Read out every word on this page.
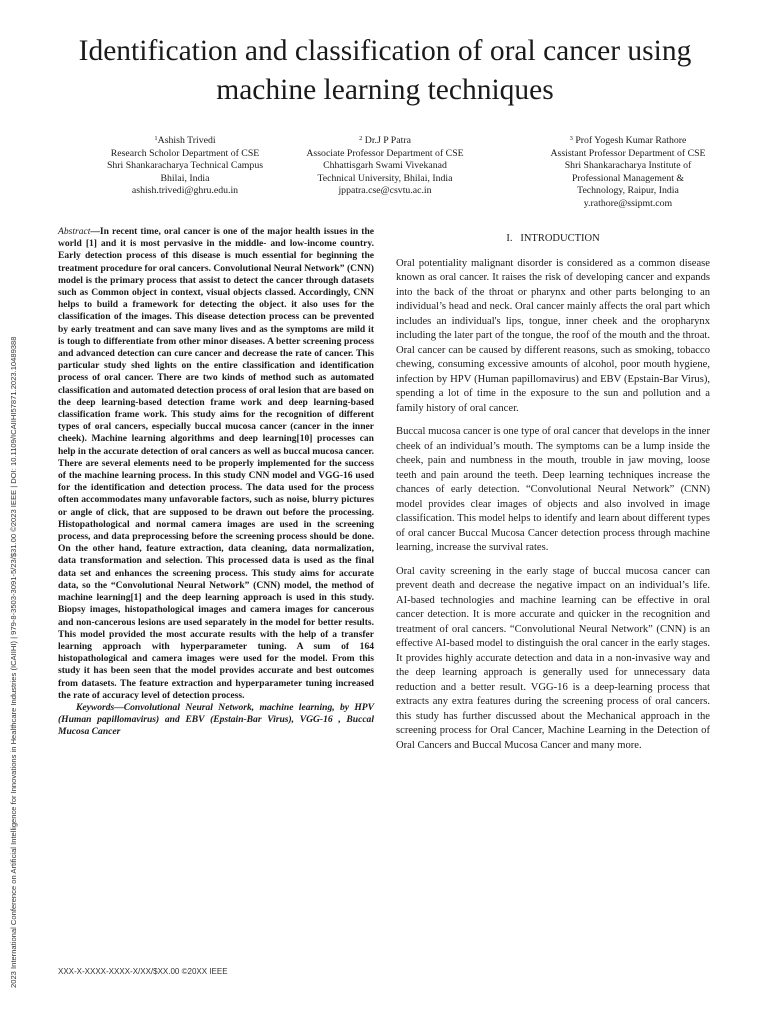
2023 International Conference on Artificial Intelligence for Innovations in Healthcare Industries (ICAIIHI) | 979-8-3503-3091-5/23/$31.00 ©2023 IEEE | DOI: 10.1109/ICAIIHI57871.2023.10489388
Identification and classification of oral cancer using machine learning techniques
$^1$Ashish Trivedi
Research Scholor Department of CSE
Shri Shankaracharya Technical Campus
Bhilai, India
ashish.trivedi@ghru.edu.in
$^2$ Dr.J P Patra
Associate Professor Department of CSE
Chhattisgarh Swami Vivekanad
Technical University, Bhilai, India
jppatra.cse@csvtu.ac.in
$^3$ Prof Yogesh Kumar Rathore
Assistant Professor Department of CSE
Shri Shankaracharya Institute of
Professional Management &
Technology, Raipur, India
y.rathore@ssipmt.com

Abstract—In recent time, oral cancer is one of the major health issues in the world [1] and it is most pervasive in the middle- and low-income country. Early detection process of this disease is much essential for beginning the treatment procedure for oral cancers. Convolutional Neural Network” (CNN) model is the primary process that assist to detect the cancer through datasets such as Common object in context, visual objects classed. Accordingly, CNN helps to build a framework for detecting the object. it also uses for the classification of the images. This disease detection process can be prevented by early treatment and can save many lives and as the symptoms are mild it is tough to differentiate from other minor diseases. A better screening process and advanced detection can cure cancer and decrease the rate of cancer. This particular study shed lights on the entire classification and identification process of oral cancer. There are two kinds of method such as automated classification and automated detection process of oral lesion that are based on the deep learning-based detection frame work and deep learning-based classification frame work. This study aims for the recognition of different types of oral cancers, especially buccal mucosa cancer (cancer in the inner cheek). Machine learning algorithms and deep learning[10] processes can help in the accurate detection of oral cancers as well as buccal mucosa cancer. There are several elements need to be properly implemented for the success of the machine learning process. In this study CNN model and VGG-16 used for the identification and detection process. The data used for the process often accommodates many unfavorable factors, such as noise, blurry pictures or angle of click, that are supposed to be drawn out before the processing. Histopathological and normal camera images are used in the screening process, and data preprocessing before the screening process should be done. On the other hand, feature extraction, data cleaning, data normalization, data transformation and selection. This processed data is used as the final data set and enhances the screening process. This study aims for accurate data, so the “Convolutional Neural Network” (CNN) model, the method of machine learning[1] and the deep learning approach is used in this study. Biopsy images, histopathological images and camera images for cancerous and non-cancerous lesions are used separately in the model for better results. This model provided the most accurate results with the help of a transfer learning approach with hyperparameter tuning. A sum of 164 histopathological and camera images were used for the model. From this study it has been seen that the model provides accurate and best outcomes from datasets. The feature extraction and hyperparameter tuning increased the rate of accuracy level of detection process.

Keywords—Convolutional Neural Network, machine learning, by HPV (Human papillomavirus) and EBV (Epstain-Bar Virus), VGG-16 , Buccal Mucosa Cancer

I. INTRODUCTION

Oral potentiality malignant disorder is considered as a common disease known as oral cancer. It raises the risk of developing cancer and expands into the back of the throat or pharynx and other parts belonging to an individual’s head and neck. Oral cancer mainly affects the oral part which includes an individual's lips, tongue, inner cheek and the oropharynx including the later part of the tongue, the roof of the mouth and the throat. Oral cancer can be caused by different reasons, such as smoking, tobacco chewing, consuming excessive amounts of alcohol, poor mouth hygiene, infection by HPV (Human papillomavirus) and EBV (Epstain-Bar Virus), spending a lot of time in the exposure to the sun and pollution and a family history of oral cancer.

Buccal mucosa cancer is one type of oral cancer that develops in the inner cheek of an individual’s mouth. The symptoms can be a lump inside the cheek, pain and numbness in the mouth, trouble in jaw moving, loose teeth and pain around the teeth. Deep learning techniques increase the chances of early detection. “Convolutional Neural Network” (CNN) model provides clear images of objects and also involved in image classification. This model helps to identify and learn about different types of oral cancer Buccal Mucosa Cancer detection process through machine learning, increase the survival rates.

Oral cavity screening in the early stage of buccal mucosa cancer can prevent death and decrease the negative impact on an individual’s life. AI-based technologies and machine learning can be effective in oral cancer detection. It is more accurate and quicker in the recognition and treatment of oral cancers. “Convolutional Neural Network” (CNN) is an effective AI-based model to distinguish the oral cancer in the early stages. It provides highly accurate detection and data in a non-invasive way and the deep learning approach is generally used for unnecessary data reduction and a better result. VGG-16 is a deep-learning process that extracts any extra features during the screening process of oral cancers. this study has further discussed about the Mechanical approach in the screening process for Oral Cancer, Machine Learning in the Detection of Oral Cancers and Buccal Mucosa Cancer and many more.

XXX-X-XXXX-XXXX-X/XX/$XX.00 ©20XX IEEE
